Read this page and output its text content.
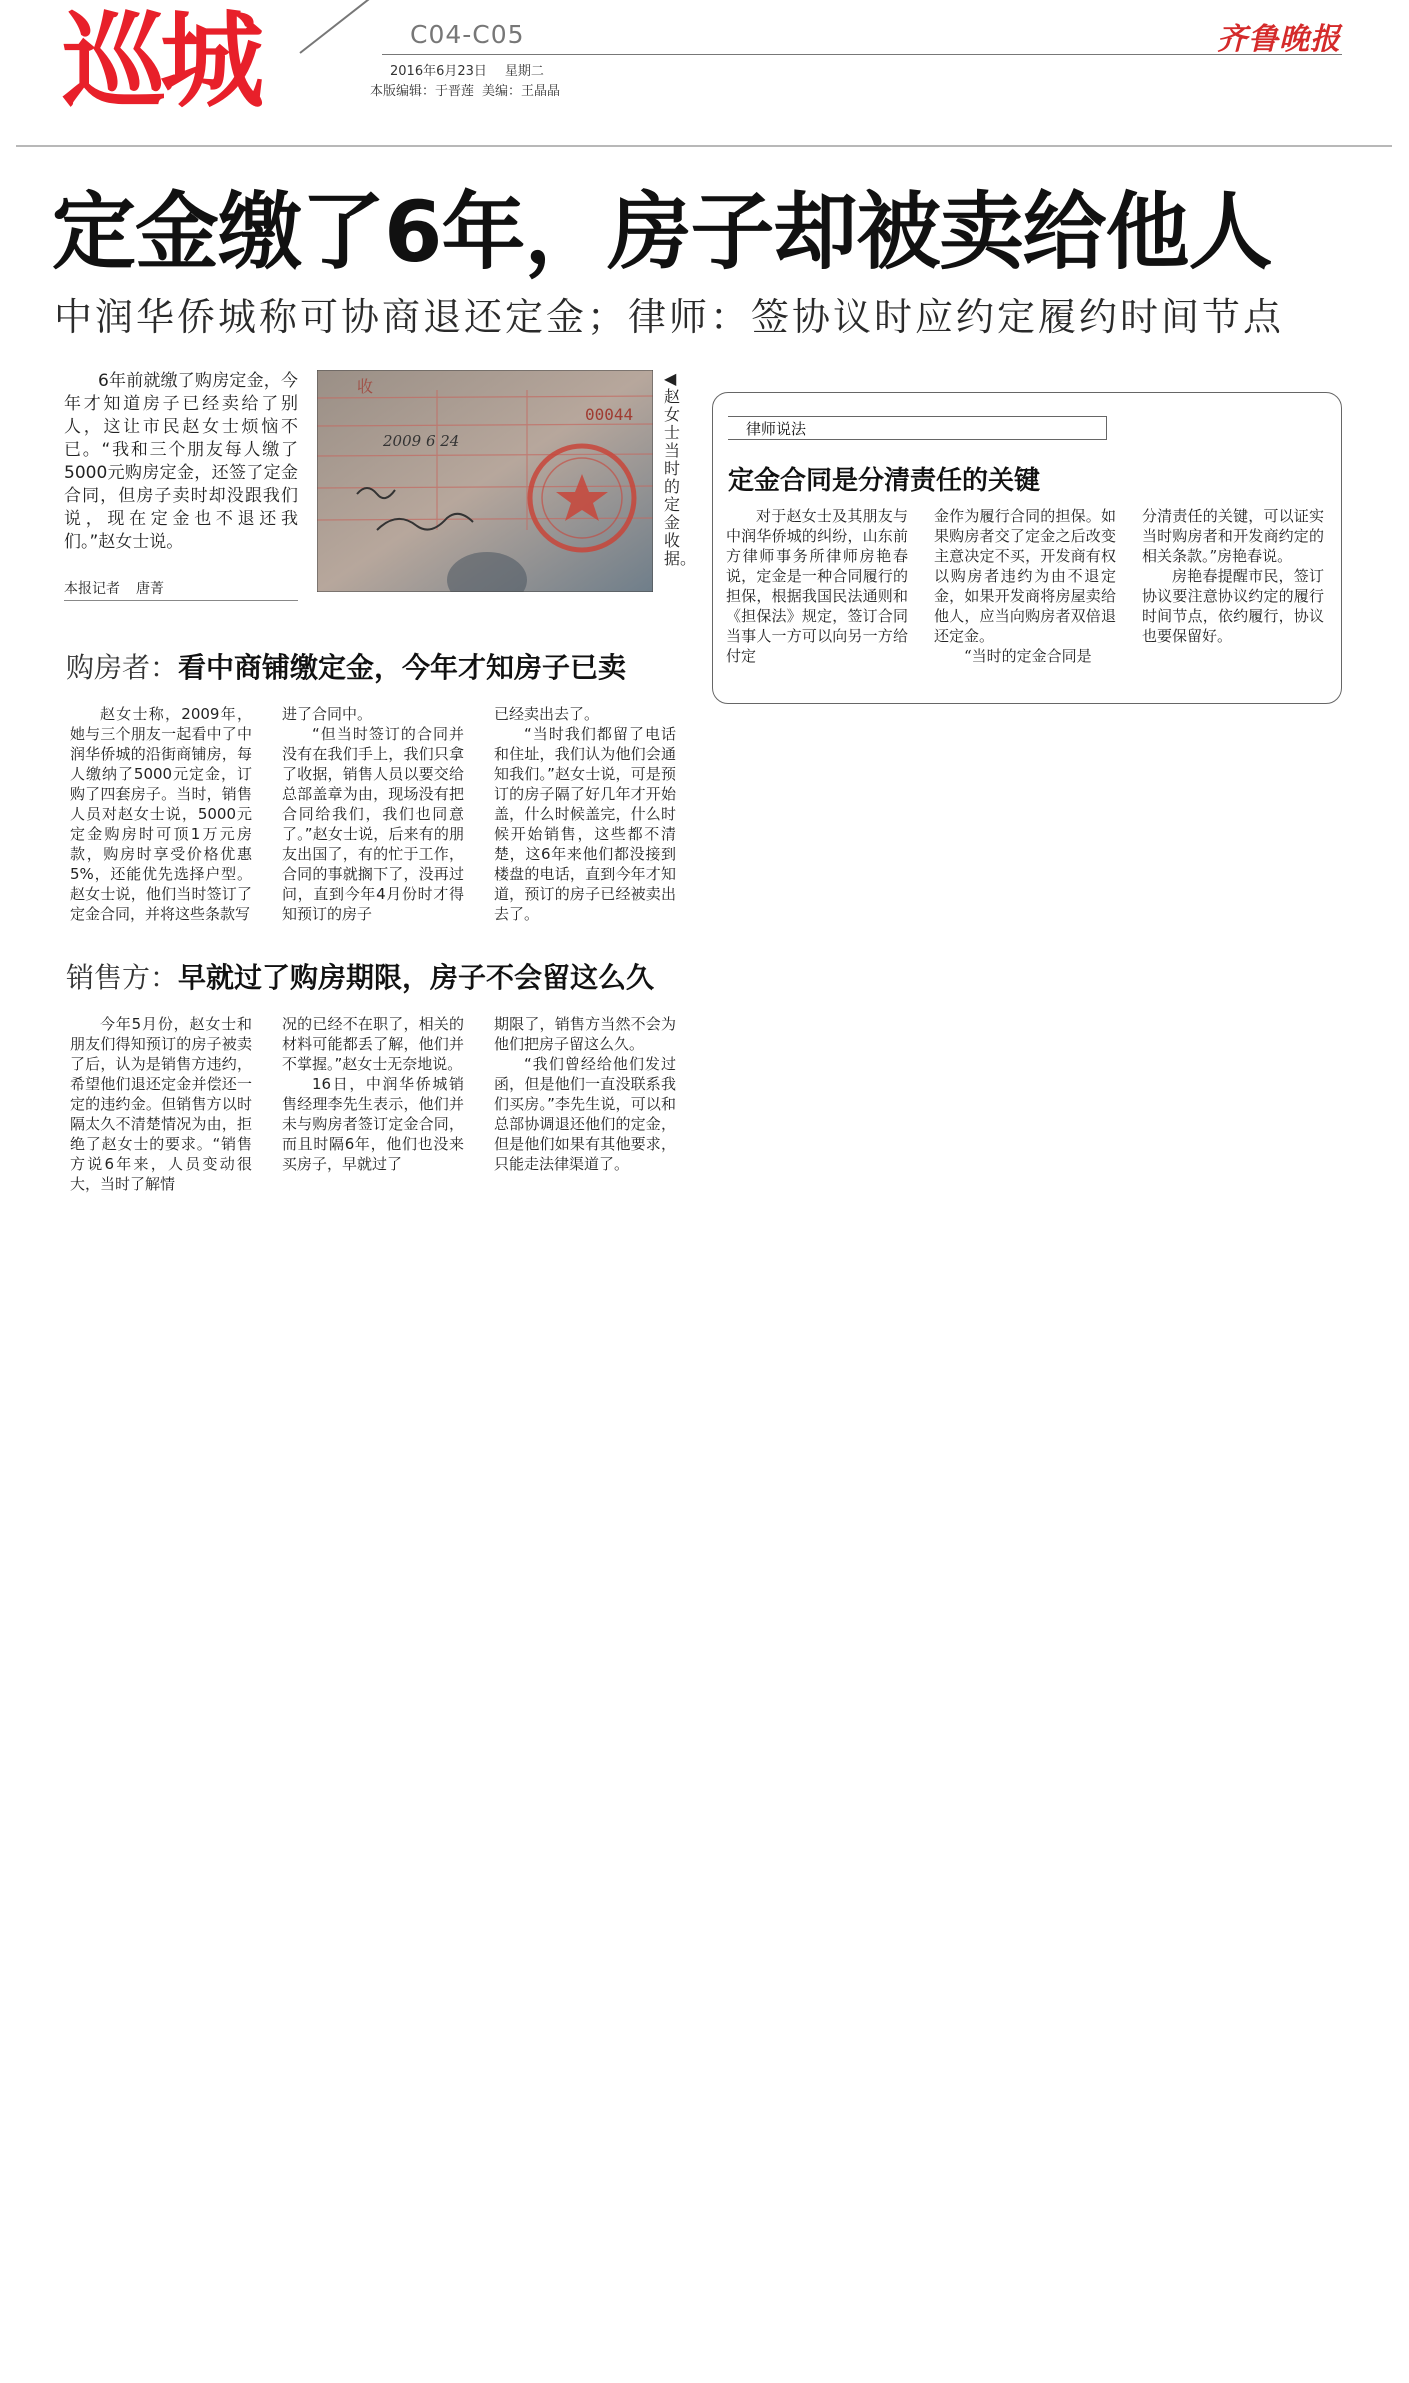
巡城	C04-C05
2016年6月23日 星期二
本版编辑：于晋莲 美编：王晶晶
齐鲁晚报
定金缴了6年，房子却被卖给他人
中润华侨城称可协商退还定金；律师：签协议时应约定履约时间节点

6年前就缴了购房定金，今年才知道房子已经卖给了别人，这让市民赵女士烦恼不已。“我和三个朋友每人缴了5000元购房定金，还签了定金合同，但房子卖时却没跟我们说，现在定金也不退还我们。”赵女士说。

本报记者 唐菁
收
00044
2009 6 24
◀赵女士当时的定金收据。
律师说法
定金合同是分清责任的关键

对于赵女士及其朋友与中润华侨城的纠纷，山东前方律师事务所律师房艳春说，定金是一种合同履行的担保，根据我国民法通则和《担保法》规定，签订合同当事人一方可以向另一方给付定

金作为履行合同的担保。如果购房者交了定金之后改变主意决定不买，开发商有权以购房者违约为由不退定金，如果开发商将房屋卖给他人，应当向购房者双倍退还定金。

“当时的定金合同是

分清责任的关键，可以证实当时购房者和开发商约定的相关条款。”房艳春说。

房艳春提醒市民，签订协议要注意协议约定的履行时间节点，依约履行，协议也要保留好。

购房者：看中商铺缴定金，今年才知房子已卖

赵女士称，2009年，她与三个朋友一起看中了中润华侨城的沿街商铺房，每人缴纳了5000元定金，订购了四套房子。当时，销售人员对赵女士说，5000元定金购房时可顶1万元房款，购房时享受价格优惠5%，还能优先选择户型。赵女士说，他们当时签订了定金合同，并将这些条款写

进了合同中。

“但当时签订的合同并没有在我们手上，我们只拿了收据，销售人员以要交给总部盖章为由，现场没有把合同给我们，我们也同意了。”赵女士说，后来有的朋友出国了，有的忙于工作，合同的事就搁下了，没再过问，直到今年4月份时才得知预订的房子

已经卖出去了。

“当时我们都留了电话和住址，我们认为他们会通知我们。”赵女士说，可是预订的房子隔了好几年才开始盖，什么时候盖完，什么时候开始销售，这些都不清楚，这6年来他们都没接到楼盘的电话，直到今年才知道，预订的房子已经被卖出去了。

销售方：早就过了购房期限，房子不会留这么久

今年5月份，赵女士和朋友们得知预订的房子被卖了后，认为是销售方违约，希望他们退还定金并偿还一定的违约金。但销售方以时隔太久不清楚情况为由，拒绝了赵女士的要求。“销售方说6年来，人员变动很大，当时了解情

况的已经不在职了，相关的材料可能都丢了解，他们并不掌握。”赵女士无奈地说。

16日，中润华侨城销售经理李先生表示，他们并未与购房者签订定金合同，而且时隔6年，他们也没来买房子，早就过了

期限了，销售方当然不会为他们把房子留这么久。

“我们曾经给他们发过函，但是他们一直没联系我们买房。”李先生说，可以和总部协调退还他们的定金，但是他们如果有其他要求，只能走法律渠道了。
